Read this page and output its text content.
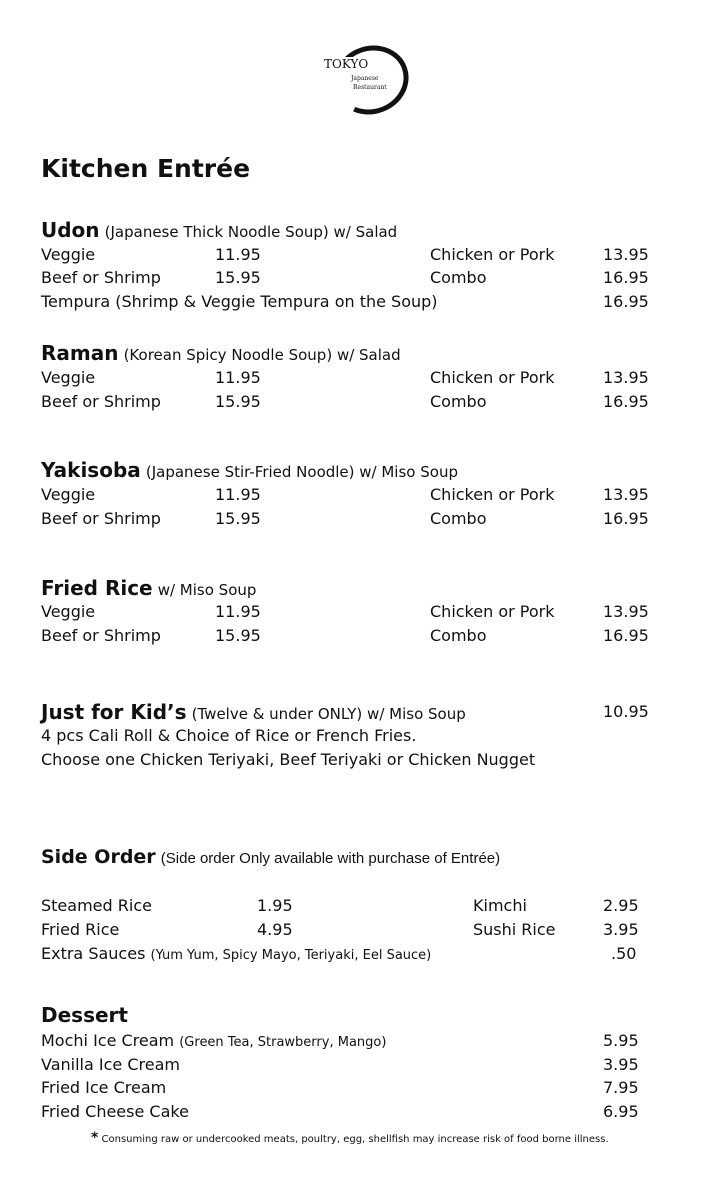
TOKYO
Japanese
Restaurant
Kitchen Entrée
Udon (Japanese Thick Noodle Soup) w/ Salad
Veggie	11.95	Chicken or Pork	13.95
Beef or Shrimp	15.95	Combo	16.95
Tempura (Shrimp & Veggie Tempura on the Soup)	16.95
Raman (Korean Spicy Noodle Soup) w/ Salad
Veggie	11.95	Chicken or Pork	13.95
Beef or Shrimp	15.95	Combo	16.95
Yakisoba (Japanese Stir-Fried Noodle) w/ Miso Soup
Veggie	11.95	Chicken or Pork	13.95
Beef or Shrimp	15.95	Combo	16.95
Fried Rice w/ Miso Soup
Veggie	11.95	Chicken or Pork	13.95
Beef or Shrimp	15.95	Combo	16.95
Just for Kid’s (Twelve & under ONLY) w/ Miso Soup	10.95
4 pcs Cali Roll & Choice of Rice or French Fries.
Choose one Chicken Teriyaki, Beef Teriyaki or Chicken Nugget
Side Order (Side order Only available with purchase of Entrée)
Steamed Rice	1.95	Kimchi	2.95
Fried Rice	4.95	Sushi Rice	3.95
Extra Sauces (Yum Yum, Spicy Mayo, Teriyaki, Eel Sauce)	.50
Dessert
Mochi Ice Cream (Green Tea, Strawberry, Mango)	5.95
Vanilla Ice Cream	3.95
Fried Ice Cream	7.95
Fried Cheese Cake	6.95
* Consuming raw or undercooked meats, poultry, egg, shellfish may increase risk of food borne illness.
